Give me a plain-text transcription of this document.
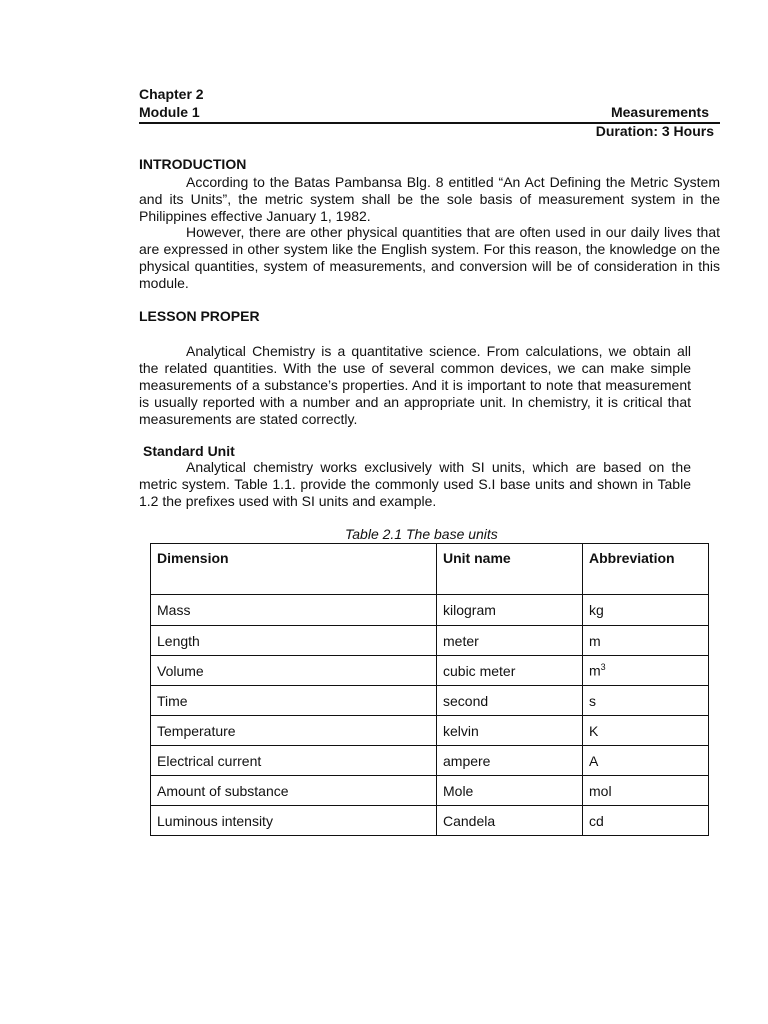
Chapter 2
Module 1	Measurements
Duration: 3 Hours
INTRODUCTION

According to the Batas Pambansa Blg. 8 entitled “An Act Defining the Metric System and its Units”, the metric system shall be the sole basis of measurement system in the Philippines effective January 1, 1982.

However, there are other physical quantities that are often used in our daily lives that are expressed in other system like the English system. For this reason, the knowledge on the physical quantities, system of measurements, and conversion will be of consideration in this module.

LESSON PROPER

Analytical Chemistry is a quantitative science. From calculations, we obtain all the related quantities. With the use of several common devices, we can make simple measurements of a substance’s properties. And it is important to note that measurement is usually reported with a number and an appropriate unit. In chemistry, it is critical that measurements are stated correctly.

Standard Unit

Analytical chemistry works exclusively with SI units, which are based on the metric system. Table 1.1. provide the commonly used S.I base units and shown in Table 1.2 the prefixes used with SI units and example.

Table 2.1 The base units
Dimension	Unit name	Abbreviation
Mass	kilogram	kg
Length	meter	m
Volume	cubic meter	$m^3$
Time	second	s
Temperature	kelvin	K
Electrical current	ampere	A
Amount of substance	Mole	mol
Luminous intensity	Candela	cd
